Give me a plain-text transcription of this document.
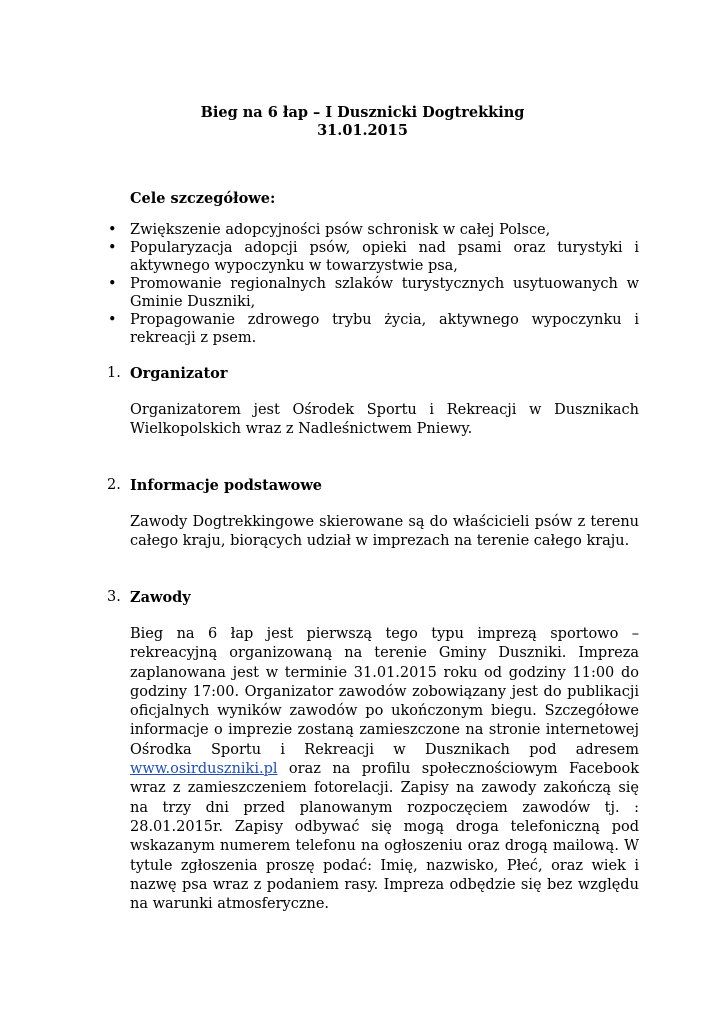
Bieg na 6 łap – I Dusznicki Dogtrekking
31.01.2015
Cele szczegółowe:
• Zwiększenie adopcyjności psów schronisk w całej Polsce,
• Popularyzacja adopcji psów, opieki nad psami oraz turystyki i aktywnego wypoczynku w towarzystwie psa,
• Promowanie regionalnych szlaków turystycznych usytuowanych w Gminie Duszniki,
• Propagowanie zdrowego trybu życia, aktywnego wypoczynku i rekreacji z psem.
1. Organizator

Organizatorem jest Ośrodek Sportu i Rekreacji w Dusznikach Wielkopolskich wraz z Nadleśnictwem Pniewy.

2. Informacje podstawowe

Zawody Dogtrekkingowe skierowane są do właścicieli psów z terenu całego kraju, biorących udział w imprezach na terenie całego kraju.

3. Zawody

Bieg na 6 łap jest pierwszą tego typu imprezą sportowo – rekreacyjną organizowaną na terenie Gminy Duszniki. Impreza zaplanowana jest w terminie 31.01.2015 roku od godziny 11:00 do godziny 17:00. Organizator zawodów zobowiązany jest do publikacji oficjalnych wyników zawodów po ukończonym biegu. Szczegółowe informacje o imprezie zostaną zamieszczone na stronie internetowej Ośrodka Sportu i Rekreacji w Dusznikach pod adresem www.osirduszniki.pl oraz na profilu społecznościowym Facebook wraz z zamieszczeniem fotorelacji. Zapisy na zawody zakończą się na trzy dni przed planowanym rozpoczęciem zawodów tj. : 28.01.2015r. Zapisy odbywać się mogą droga telefoniczną pod wskazanym numerem telefonu na ogłoszeniu oraz drogą mailową. W tytule zgłoszenia proszę podać: Imię, nazwisko, Płeć, oraz wiek i nazwę psa wraz z podaniem rasy. Impreza odbędzie się bez względu na warunki atmosferyczne.
